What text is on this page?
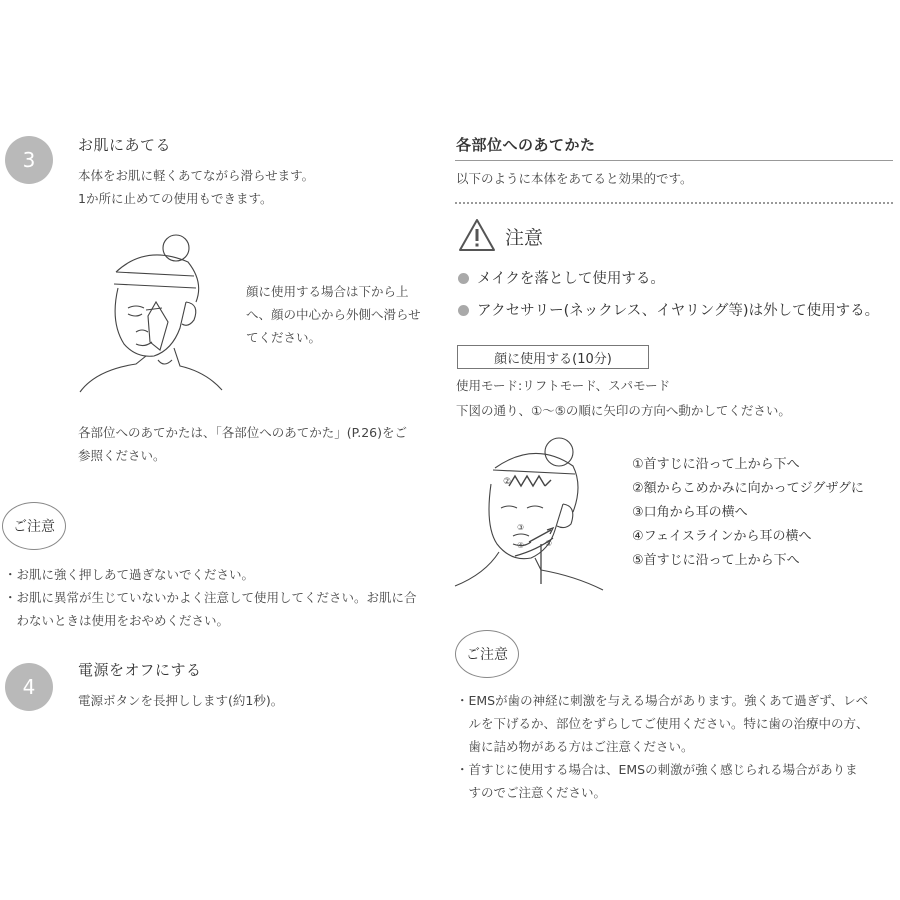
3
お肌にあてる
本体をお肌に軽くあてながら滑らせます。
1か所に止めての使用もできます。
顔に使用する場合は下から上
へ、顔の中心から外側へ滑らせ
てください。
各部位へのあてかたは、「各部位へのあてかた」(P.26)をご
参照ください。
ご注意
・お肌に強く押しあて過ぎないでください。
・お肌に異常が生じていないかよく注意して使用してください。お肌に合
　わないときは使用をおやめください。
4
電源をオフにする
電源ボタンを長押しします(約1秒)。
各部位へのあてかた
以下のように本体をあてると効果的です。
注意
メイクを落として使用する。
アクセサリー(ネックレス、イヤリング等)は外して使用する。
顔に使用する(10分)
使用モード:リフトモード、スパモード
下図の通り、①～⑤の順に矢印の方向へ動かしてください。
②
③
④	⑤
①首すじに沿って上から下へ
②額からこめかみに向かってジグザグに
③口角から耳の横へ
④フェイスラインから耳の横へ
⑤首すじに沿って上から下へ
ご注意
・EMSが歯の神経に刺激を与える場合があります。強くあて過ぎず、レベ
　ルを下げるか、部位をずらしてご使用ください。特に歯の治療中の方、
　歯に詰め物がある方はご注意ください。
・首すじに使用する場合は、EMSの刺激が強く感じられる場合がありま
　すのでご注意ください。
